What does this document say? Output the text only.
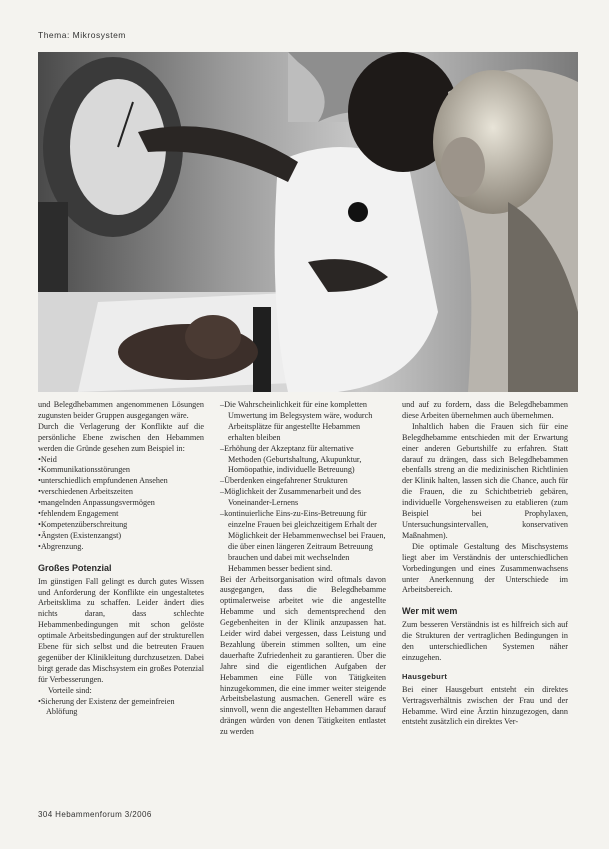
Thema: Mikrosystem

und Belegdhebammen angenommenen Lösungen zugunsten beider Gruppen ausgegangen wäre.

Durch die Verlagerung der Konflikte auf die persönliche Ebene zwischen den Hebammen werden die Gründe gesehen zum Beispiel in:

• Neid
• Kommunikationsstörungen
• unterschiedlich empfundenen Ansehen
• verschiedenen Arbeitszeiten
• mangelnden Anpassungsvermögen
• fehlendem Engagement
• Kompetenzüberschreitung
• Ängsten (Existenzangst)
• Abgrenzung.
Großes Potenzial

Im günstigen Fall gelingt es durch gutes Wissen und Anforderung der Konflikte ein ungestaltetes Arbeitsklima zu schaffen. Leider ändert dies nichts daran, dass schlechte Hebammenbedingungen mit schon gelöste optimale Arbeitsbedingungen auf der strukturellen Ebene für sich selbst und die betreuten Frauen gegenüber der Klinikleitung durchzusetzen. Dabei birgt gerade das Mischsystem ein großes Potenzial für Verbesserungen.

Vorteile sind:

• Sicherung der Existenz der gemeinfreien Ablöfung
– Die Wahrscheinlichkeit für eine kompletten Umwertung im Belegsystem wäre, wodurch Arbeitsplätze für angestellte Hebammen erhalten bleiben
– Erhöhung der Akzeptanz für alternative Methoden (Geburtshaltung, Akupunktur, Homöopathie, individuelle Betreuung)
– Überdenken eingefahrener Strukturen
– Möglichkeit der Zusammenarbeit und des Voneinander-Lernens
– kontinuierliche Eins-zu-Eins-Betreuung für einzelne Frauen bei gleichzeitigem Erhalt der Möglichkeit der Hebammenwechsel bei Frauen, die über einen längeren Zeitraum Betreuung brauchen und dabei mit wechselnden Hebammen besser bedient sind.

Bei der Arbeitsorganisation wird oftmals davon ausgegangen, dass die Belegdhebamme optimalerweise arbeitet wie die angestellte Hebamme und sich dementsprechend den Gegebenheiten in der Klinik anzupassen hat. Leider wird dabei vergessen, dass Leistung und Bezahlung überein stimmen sollten, um eine dauerhafte Zufriedenheit zu garantieren. Über die Jahre sind die eigentlichen Aufgaben der Hebammen eine Fülle von Tätigkeiten hinzugekommen, die eine immer weiter steigende Arbeitsbelastung ausmachen. Generell wäre es sinnvoll, wenn die angestellten Hebammen darauf drängen würden von denen Tätigkeiten entlastet zu werden

und auf zu fordern, dass die Belegdhebammen diese Arbeiten übernehmen auch übernehmen.

Inhaltlich haben die Frauen sich für eine Belegdhebamme entschieden mit der Erwartung einer anderen Geburtshilfe zu erfahren. Statt darauf zu drängen, dass sich Belegdhebammen ebenfalls streng an die medizinischen Richtlinien der Klinik halten, lassen sich die Chance, auch für die Frauen, die zu Schichtbetrieb gebären, individuelle Vorgehensweisen zu etablieren (zum Beispiel bei Prophylaxen, Untersuchungsintervallen, konservativen Maßnahmen).

Die optimale Gestaltung des Mischsystems liegt aber im Verständnis der unterschiedlichen Vorbedingungen und eines Zusammenwachsens unter Anerkennung der Unterschiede im Arbeitsbereich.

Wer mit wem

Zum besseren Verständnis ist es hilfreich sich auf die Strukturen der vertraglichen Bedingungen in den unterschiedlichen Systemen näher einzugehen.

Hausgeburt

Bei einer Hausgeburt entsteht ein direktes Vertragsverhältnis zwischen der Frau und der Hebamme. Wird eine Ärztin hinzugezogen, dann entsteht zusätzlich ein direktes Ver-

304 Hebammenforum 3/2006
